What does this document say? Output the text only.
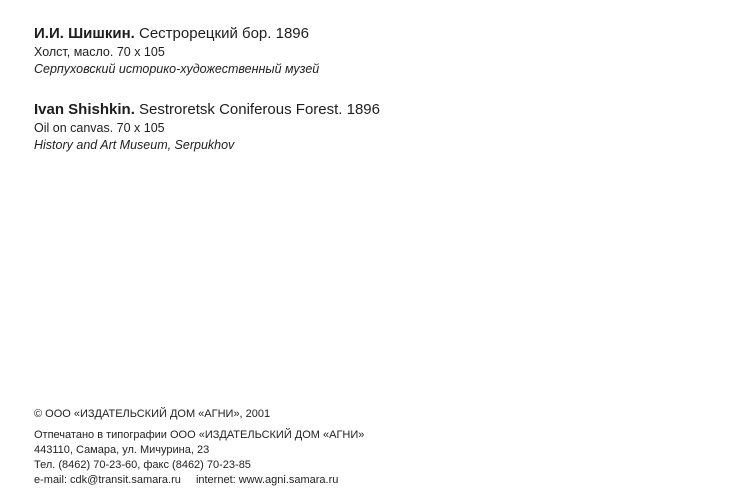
И.И. Шишкин. Сестрорецкий бор. 1896

Холст, масло. 70 x 105

Серпуховский историко-художественный музей

Ivan Shishkin. Sestroretsk Coniferous Forest. 1896

Oil on canvas. 70 x 105

History and Art Museum, Serpukhov

© ООО «ИЗДАТЕЛЬСКИЙ ДОМ «АГНИ», 2001

Отпечатано в типографии ООО «ИЗДАТЕЛЬСКИЙ ДОМ «АГНИ»

443110, Самара, ул. Мичурина, 23

Тел. (8462) 70-23-60, факс (8462) 70-23-85

e-mail: cdk@transit.samara.ru internet: www.agni.samara.ru
